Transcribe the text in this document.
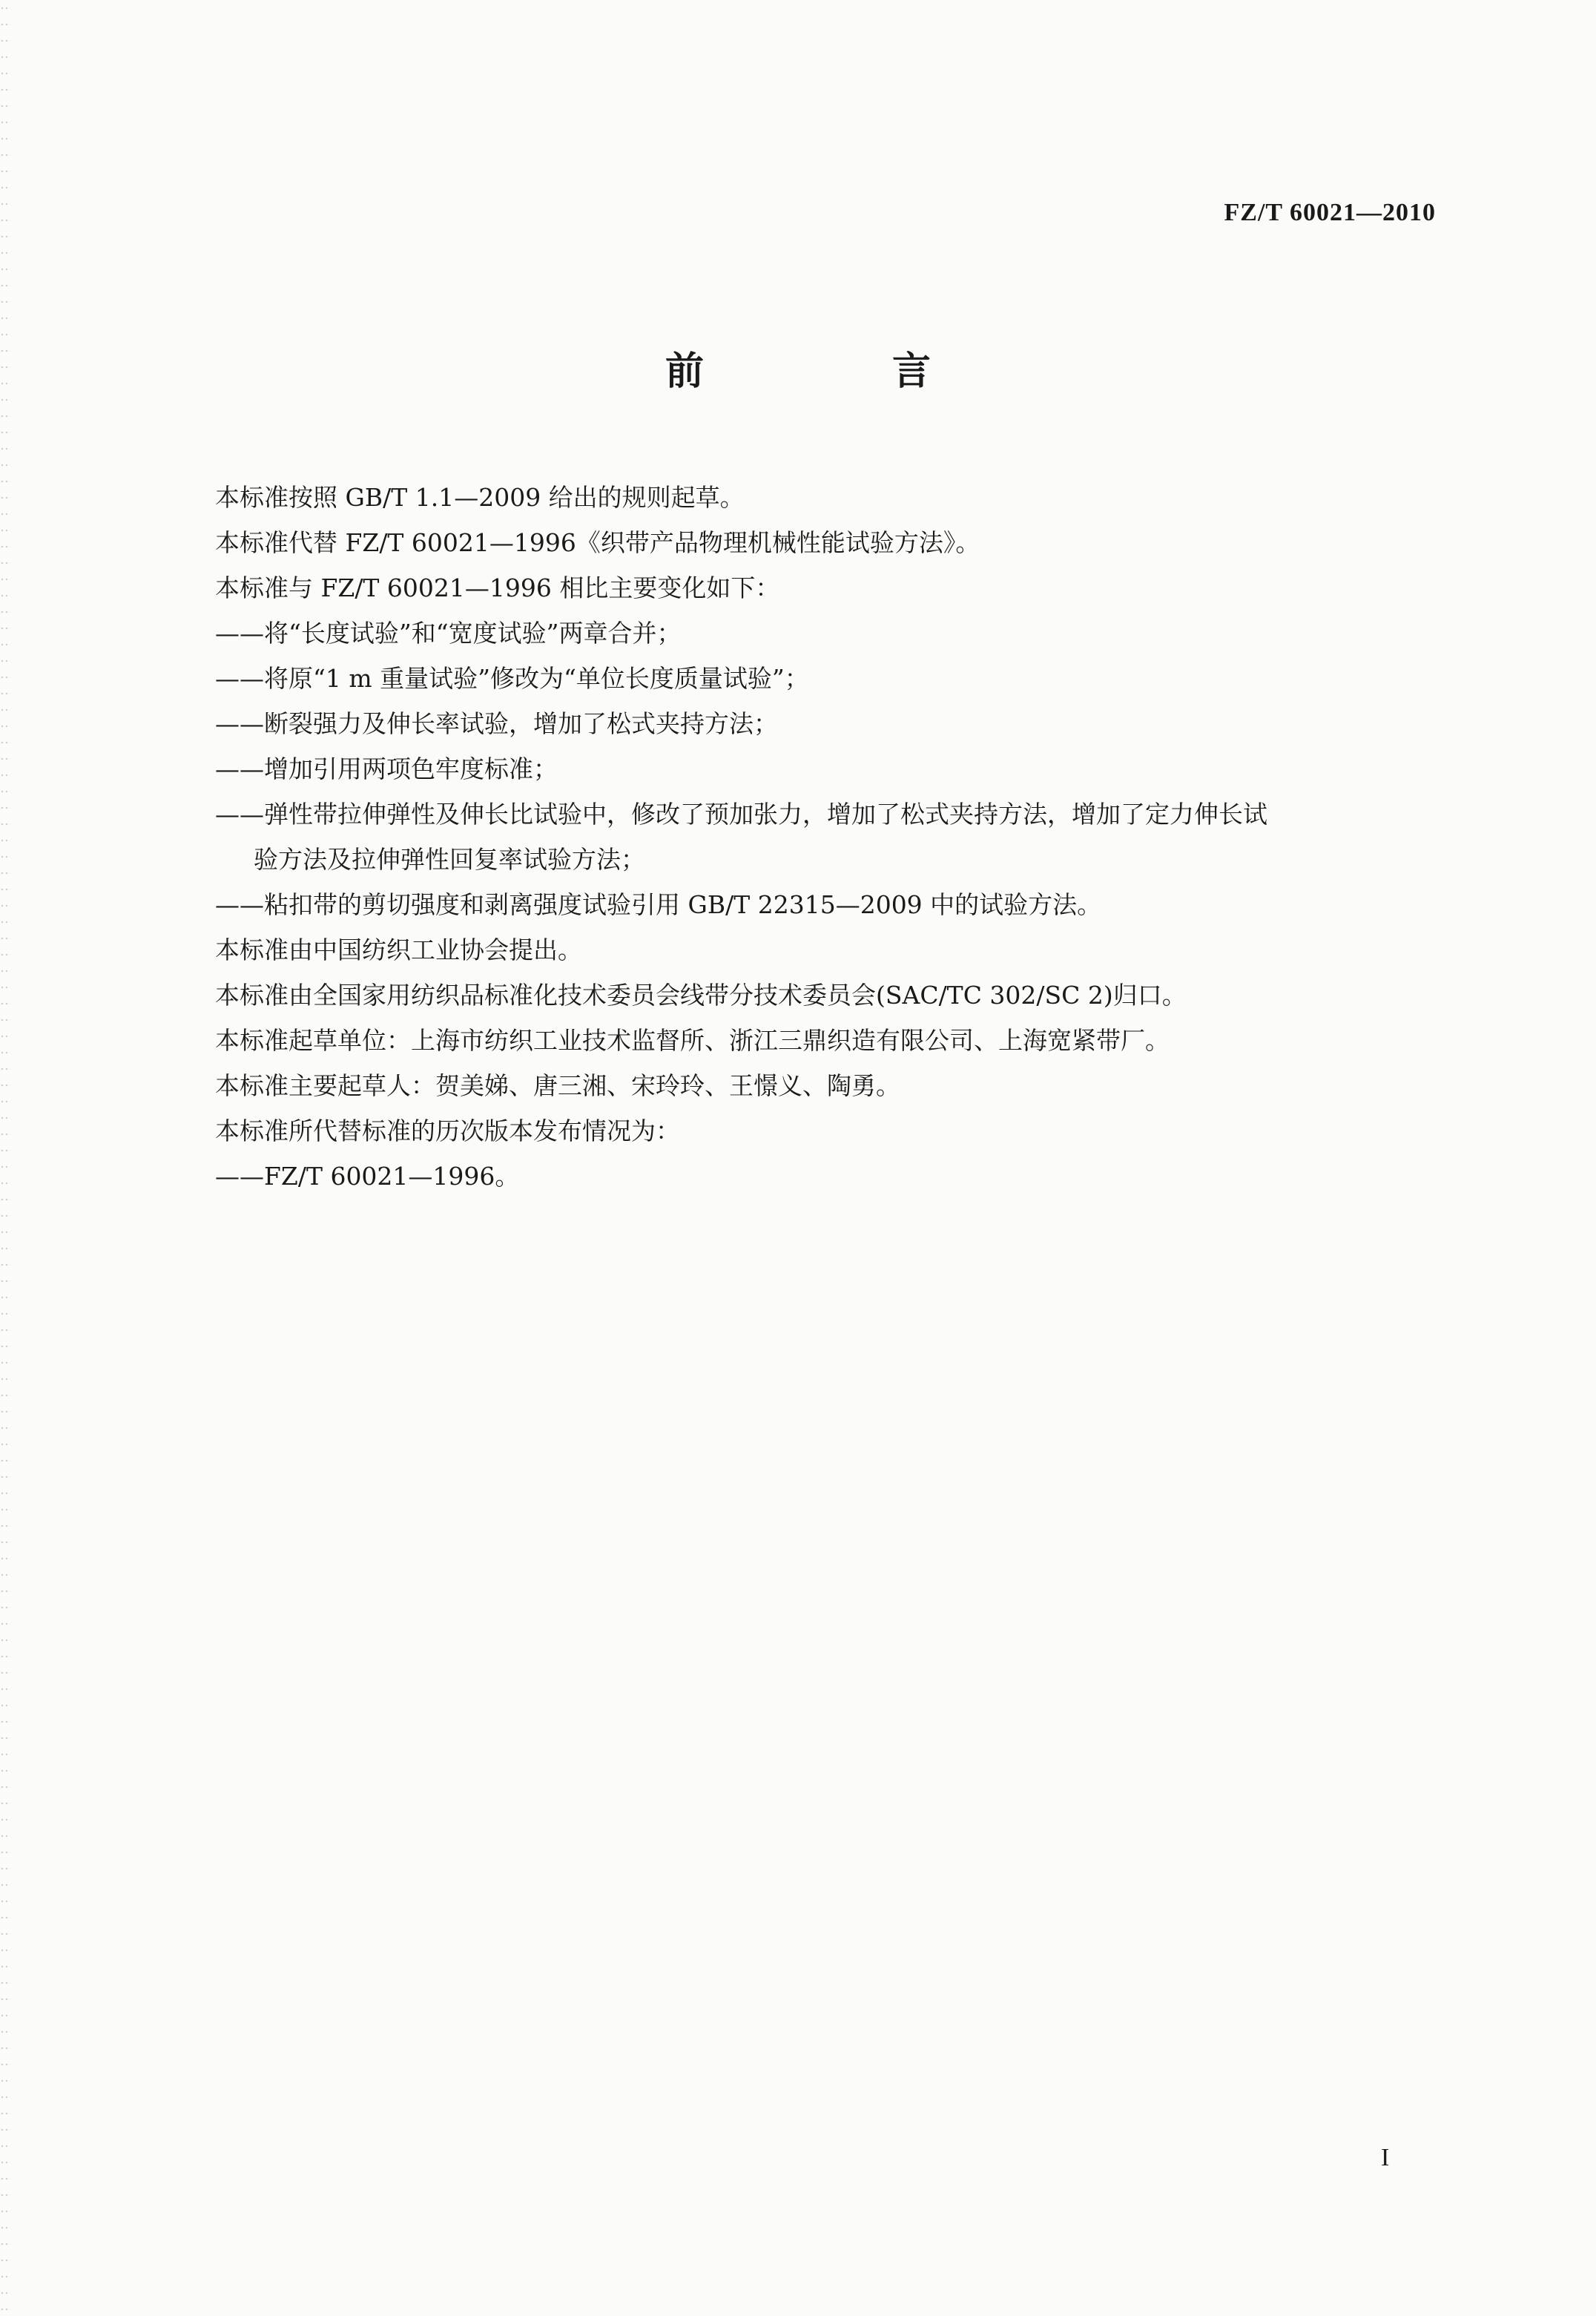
FZ/T 60021—2010
前 言

本标准按照 GB/T 1.1—2009 给出的规则起草。

本标准代替 FZ/T 60021—1996《织带产品物理机械性能试验方法》。

本标准与 FZ/T 60021—1996 相比主要变化如下：

——将“长度试验”和“宽度试验”两章合并；

——将原“1 m 重量试验”修改为“单位长度质量试验”；

——断裂强力及伸长率试验，增加了松式夹持方法；

——增加引用两项色牢度标准；

——弹性带拉伸弹性及伸长比试验中，修改了预加张力，增加了松式夹持方法，增加了定力伸长试

验方法及拉伸弹性回复率试验方法；

——粘扣带的剪切强度和剥离强度试验引用 GB/T 22315—2009 中的试验方法。

本标准由中国纺织工业协会提出。

本标准由全国家用纺织品标准化技术委员会线带分技术委员会(SAC/TC 302/SC 2)归口。

本标准起草单位：上海市纺织工业技术监督所、浙江三鼎织造有限公司、上海宽紧带厂。

本标准主要起草人：贺美娣、唐三湘、宋玲玲、王憬义、陶勇。

本标准所代替标准的历次版本发布情况为：

——FZ/T 60021—1996。

I
